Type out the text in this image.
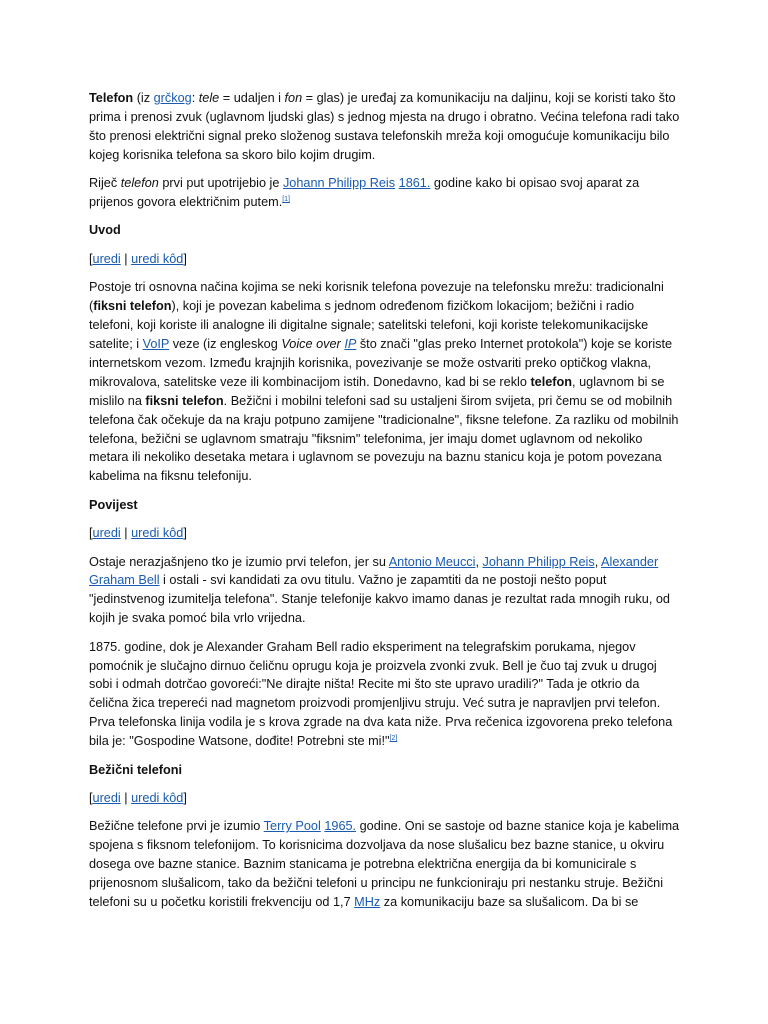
Telefon (iz grčkog: tele = udaljen i fon = glas) je uređaj za komunikaciju na daljinu, koji se koristi tako što prima i prenosi zvuk (uglavnom ljudski glas) s jednog mjesta na drugo i obratno. Većina telefona radi tako što prenosi električni signal preko složenog sustava telefonskih mreža koji omogućuje komunikaciju bilo kojeg korisnika telefona sa skoro bilo kojim drugim.

Riječ telefon prvi put upotrijebio je Johann Philipp Reis 1861. godine kako bi opisao svoj aparat za prijenos govora električnim putem.[1]

Uvod

[uredi | uredi kôd]

Postoje tri osnovna načina kojima se neki korisnik telefona povezuje na telefonsku mrežu: tradicionalni (fiksni telefon), koji je povezan kabelima s jednom određenom fizičkom lokacijom; bežični i radio telefoni, koji koriste ili analogne ili digitalne signale; satelitski telefoni, koji koriste telekomunikacijske satelite; i VoIP veze (iz engleskog Voice over IP što znači "glas preko Internet protokola") koje se koriste internetskom vezom. Između krajnjih korisnika, povezivanje se može ostvariti preko optičkog vlakna, mikrovalova, satelitske veze ili kombinacijom istih. Donedavno, kad bi se reklo telefon, uglavnom bi se mislilo na fiksni telefon. Bežični i mobilni telefoni sad su ustaljeni širom svijeta, pri čemu se od mobilnih telefona čak očekuje da na kraju potpuno zamijene "tradicionalne", fiksne telefone. Za razliku od mobilnih telefona, bežični se uglavnom smatraju "fiksnim" telefonima, jer imaju domet uglavnom od nekoliko metara ili nekoliko desetaka metara i uglavnom se povezuju na baznu stanicu koja je potom povezana kabelima na fiksnu telefoniju.

Povijest

[uredi | uredi kôd]

Ostaje nerazjašnjeno tko je izumio prvi telefon, jer su Antonio Meucci, Johann Philipp Reis, Alexander Graham Bell i ostali - svi kandidati za ovu titulu. Važno je zapamtiti da ne postoji nešto poput "jedinstvenog izumitelja telefona". Stanje telefonije kakvo imamo danas je rezultat rada mnogih ruku, od kojih je svaka pomoć bila vrlo vrijedna.

1875. godine, dok je Alexander Graham Bell radio eksperiment na telegrafskim porukama, njegov pomoćnik je slučajno dirnuo čeličnu oprugu koja je proizvela zvonki zvuk. Bell je čuo taj zvuk u drugoj sobi i odmah dotrčao govoreći:"Ne dirajte ništa! Recite mi što ste upravo uradili?" Tada je otkrio da čelična žica trepereći nad magnetom proizvodi promjenljivu struju. Već sutra je napravljen prvi telefon. Prva telefonska linija vodila je s krova zgrade na dva kata niže. Prva rečenica izgovorena preko telefona bila je: "Gospodine Watsone, dođite! Potrebni ste mi!"[2]

Bežični telefoni

[uredi | uredi kôd]

Bežične telefone prvi je izumio Terry Pool 1965. godine. Oni se sastoje od bazne stanice koja je kabelima spojena s fiksnom telefonijom. To korisnicima dozvoljava da nose slušalicu bez bazne stanice, u okviru dosega ove bazne stanice. Baznim stanicama je potrebna električna energija da bi komunicirale s prijenosnom slušalicom, tako da bežični telefoni u principu ne funkcioniraju pri nestanku struje. Bežični telefoni su u početku koristili frekvenciju od 1,7 MHz za komunikaciju baze sa slušalicom. Da bi se
